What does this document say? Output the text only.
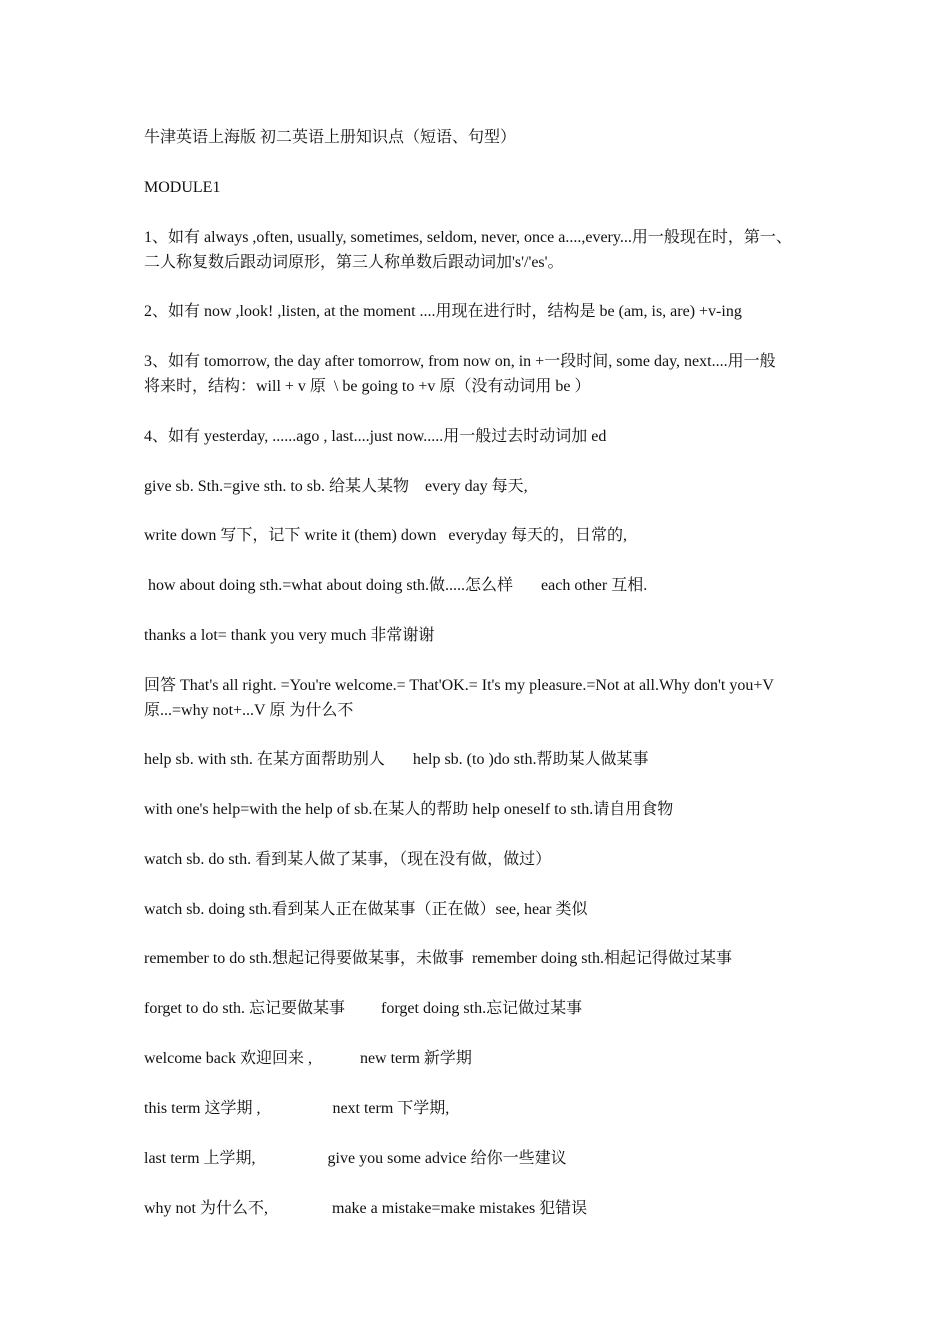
牛津英语上海版 初二英语上册知识点（短语、句型）
MODULE1
1、如有 always ,often, usually, sometimes, seldom, never, once a....,every...用一般现在时，第一、
二人称复数后跟动词原形，第三人称单数后跟动词加's'/'es'。
2、如有 now ,look! ,listen, at the moment ....用现在进行时，结构是 be (am, is, are) +v-ing
3、如有 tomorrow, the day after tomorrow, from now on, in +一段时间, some day, next....用一般
将来时，结构：will + v 原  \ be going to +v 原（没有动词用 be ）
4、如有 yesterday, ......ago , last....just now.....用一般过去时动词加 ed
give sb. Sth.=give sth. to sb. 给某人某物    every day 每天,
write down 写下，记下 write it (them) down   everyday 每天的，日常的,
how about doing sth.=what about doing sth.做.....怎么样       each other 互相.
thanks a lot= thank you very much 非常谢谢
回答 That's all right. =You're welcome.= That'OK.= It's my pleasure.=Not at all.Why don't you+V
原...=why not+...V 原 为什么不
help sb. with sth. 在某方面帮助别人       help sb. (to )do sth.帮助某人做某事
with one's help=with the help of sb.在某人的帮助 help oneself to sth.请自用食物
watch sb. do sth. 看到某人做了某事，（现在没有做，做过）
watch sb. doing sth.看到某人正在做某事（正在做）see, hear 类似
remember to do sth.想起记得要做某事，未做事  remember doing sth.相起记得做过某事
forget to do sth. 忘记要做某事         forget doing sth.忘记做过某事
welcome back 欢迎回来 ,            new term 新学期
this term 这学期 ,                  next term 下学期,
last term 上学期,                  give you some advice 给你一些建议
why not 为什么不,                make a mistake=make mistakes 犯错误
